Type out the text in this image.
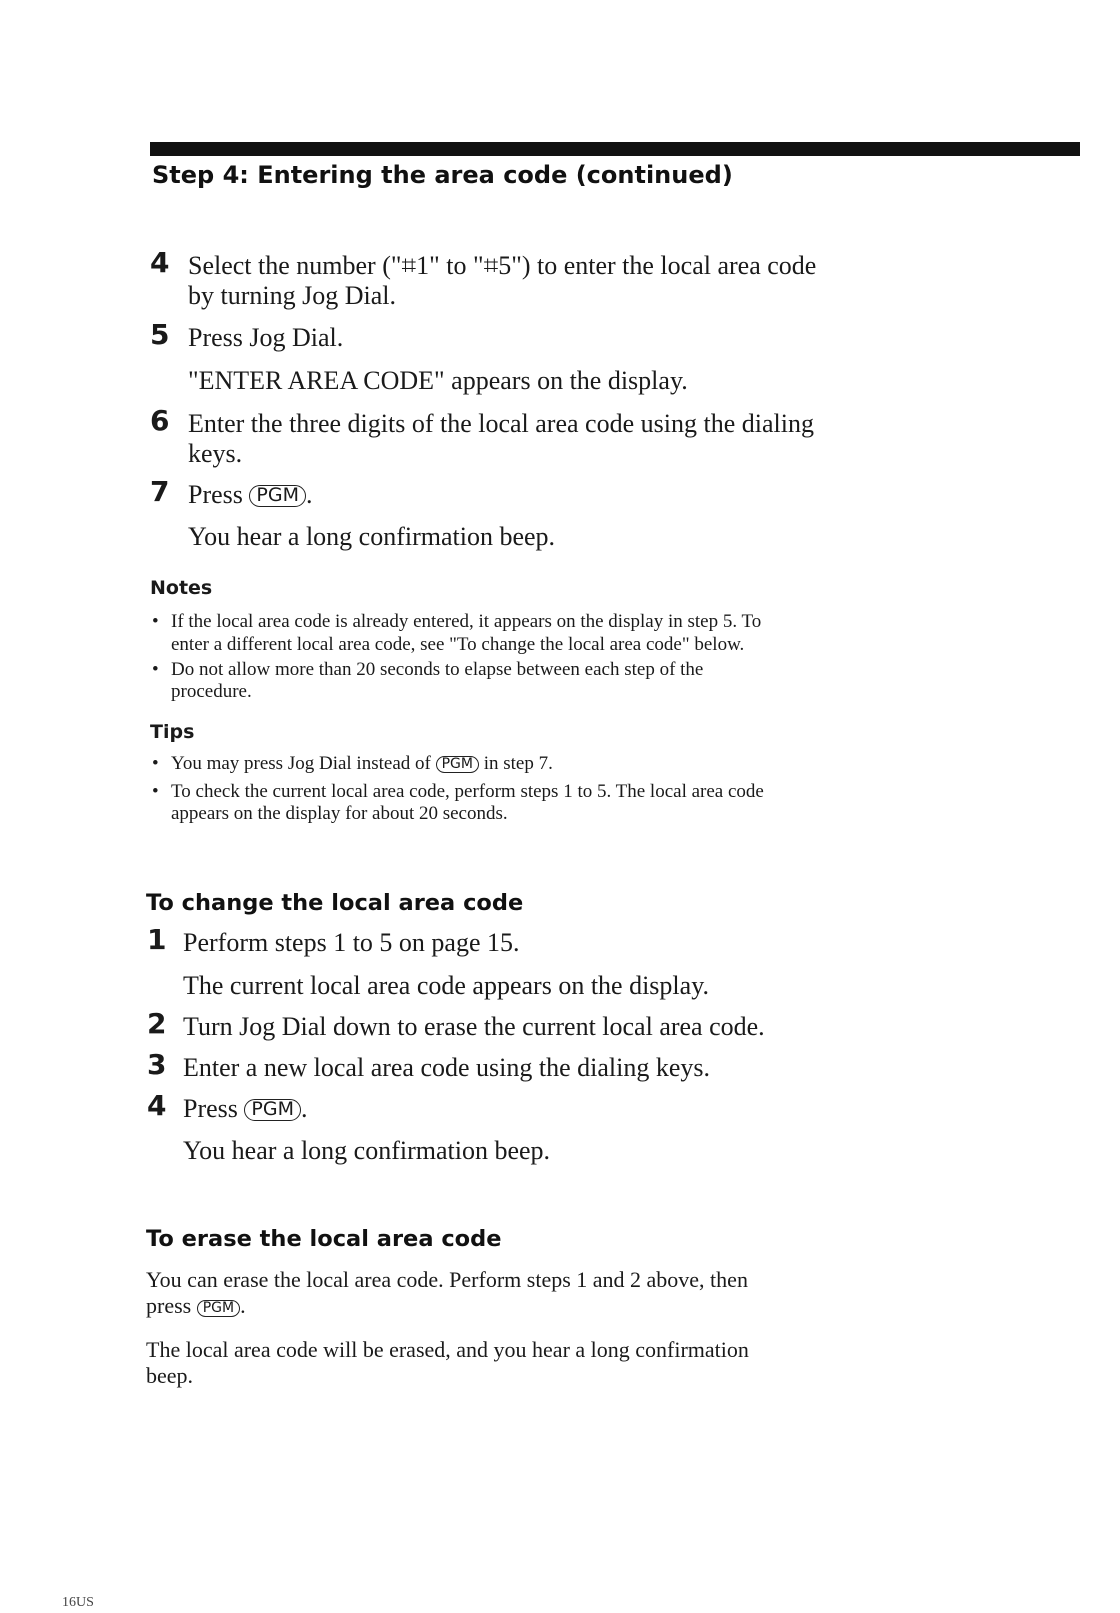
Step 4: Entering the area code (continued)
4 Select the number ("⌗1" to "⌗5") to enter the local area code
by turning Jog Dial.
5 Press Jog Dial.
"ENTER AREA CODE" appears on the display.
6 Enter the three digits of the local area code using the dialing
keys.
7 Press PGM .
You hear a long confirmation beep.
Notes
• If the local area code is already entered, it appears on the display in step 5. To
enter a different local area code, see "To change the local area code" below.
• Do not allow more than 20 seconds to elapse between each step of the
procedure.
Tips
• You may press Jog Dial instead of PGM in step 7.
• To check the current local area code, perform steps 1 to 5. The local area code
appears on the display for about 20 seconds.
To change the local area code
1 Perform steps 1 to 5 on page 15.
The current local area code appears on the display.
2 Turn Jog Dial down to erase the current local area code.
3 Enter a new local area code using the dialing keys.
4 Press PGM .
You hear a long confirmation beep.
To erase the local area code
You can erase the local area code. Perform steps 1 and 2 above, then
press PGM .
The local area code will be erased, and you hear a long confirmation
beep.
16US
